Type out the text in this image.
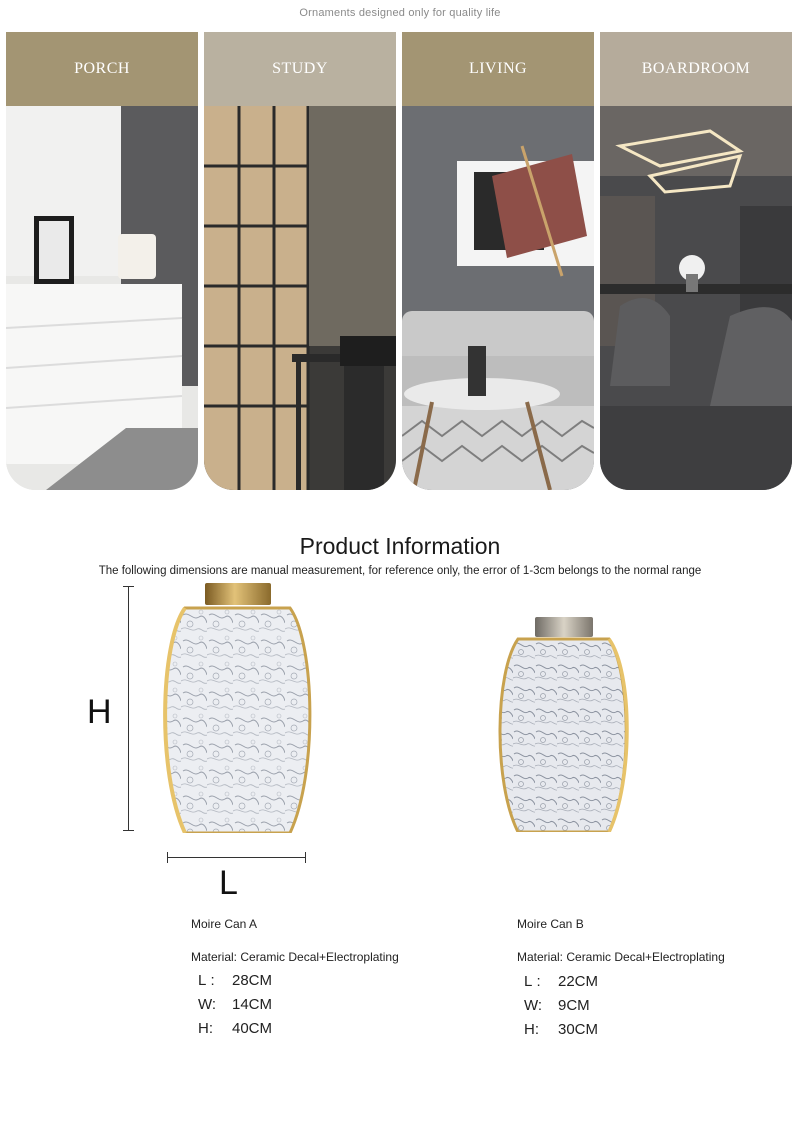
Ornaments designed only for quality life
PORCH	STUDY	LIVING	BOARDROOM
Product Information
The following dimensions are manual measurement, for reference only, the error of 1-3cm belongs to the normal range
H
L
Moire Can A
Material: Ceramic Decal+Electroplating
L : 28CM
W: 14CM
H: 40CM
Moire Can B
Material: Ceramic Decal+Electroplating
L : 22CM
W: 9CM
H: 30CM
